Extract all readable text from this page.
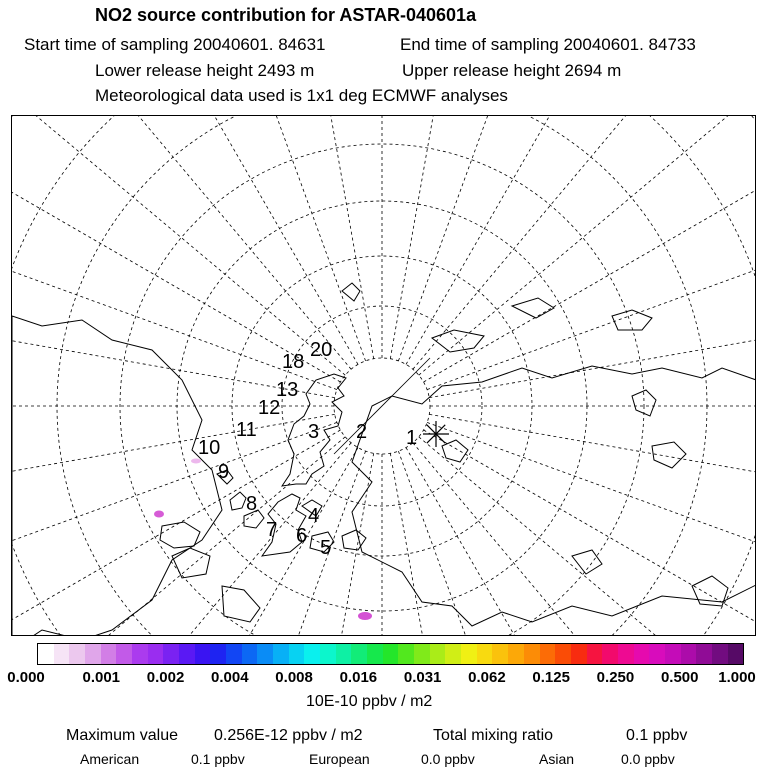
NO2 source contribution for ASTAR-040601a
Start time of sampling 20040601. 84631	End time of sampling 20040601. 84733
Lower release height 2493 m	Upper release height 2694 m
Meteorological data used is 1x1 deg ECMWF analyses
1
2
3
4
5
6
7
8
9
10
11
12
13
18
20
0.000	0.001 0.002 0.004 0.008 0.016 0.031 0.062 0.125 0.250 0.500 1.000
10E-10 ppbv / m2
Maximum value 0.256E-12 ppbv / m2	Total mixing ratio	0.1 ppbv
American	0.1 ppbv	European	0.0 ppbv	Asian	0.0 ppbv
